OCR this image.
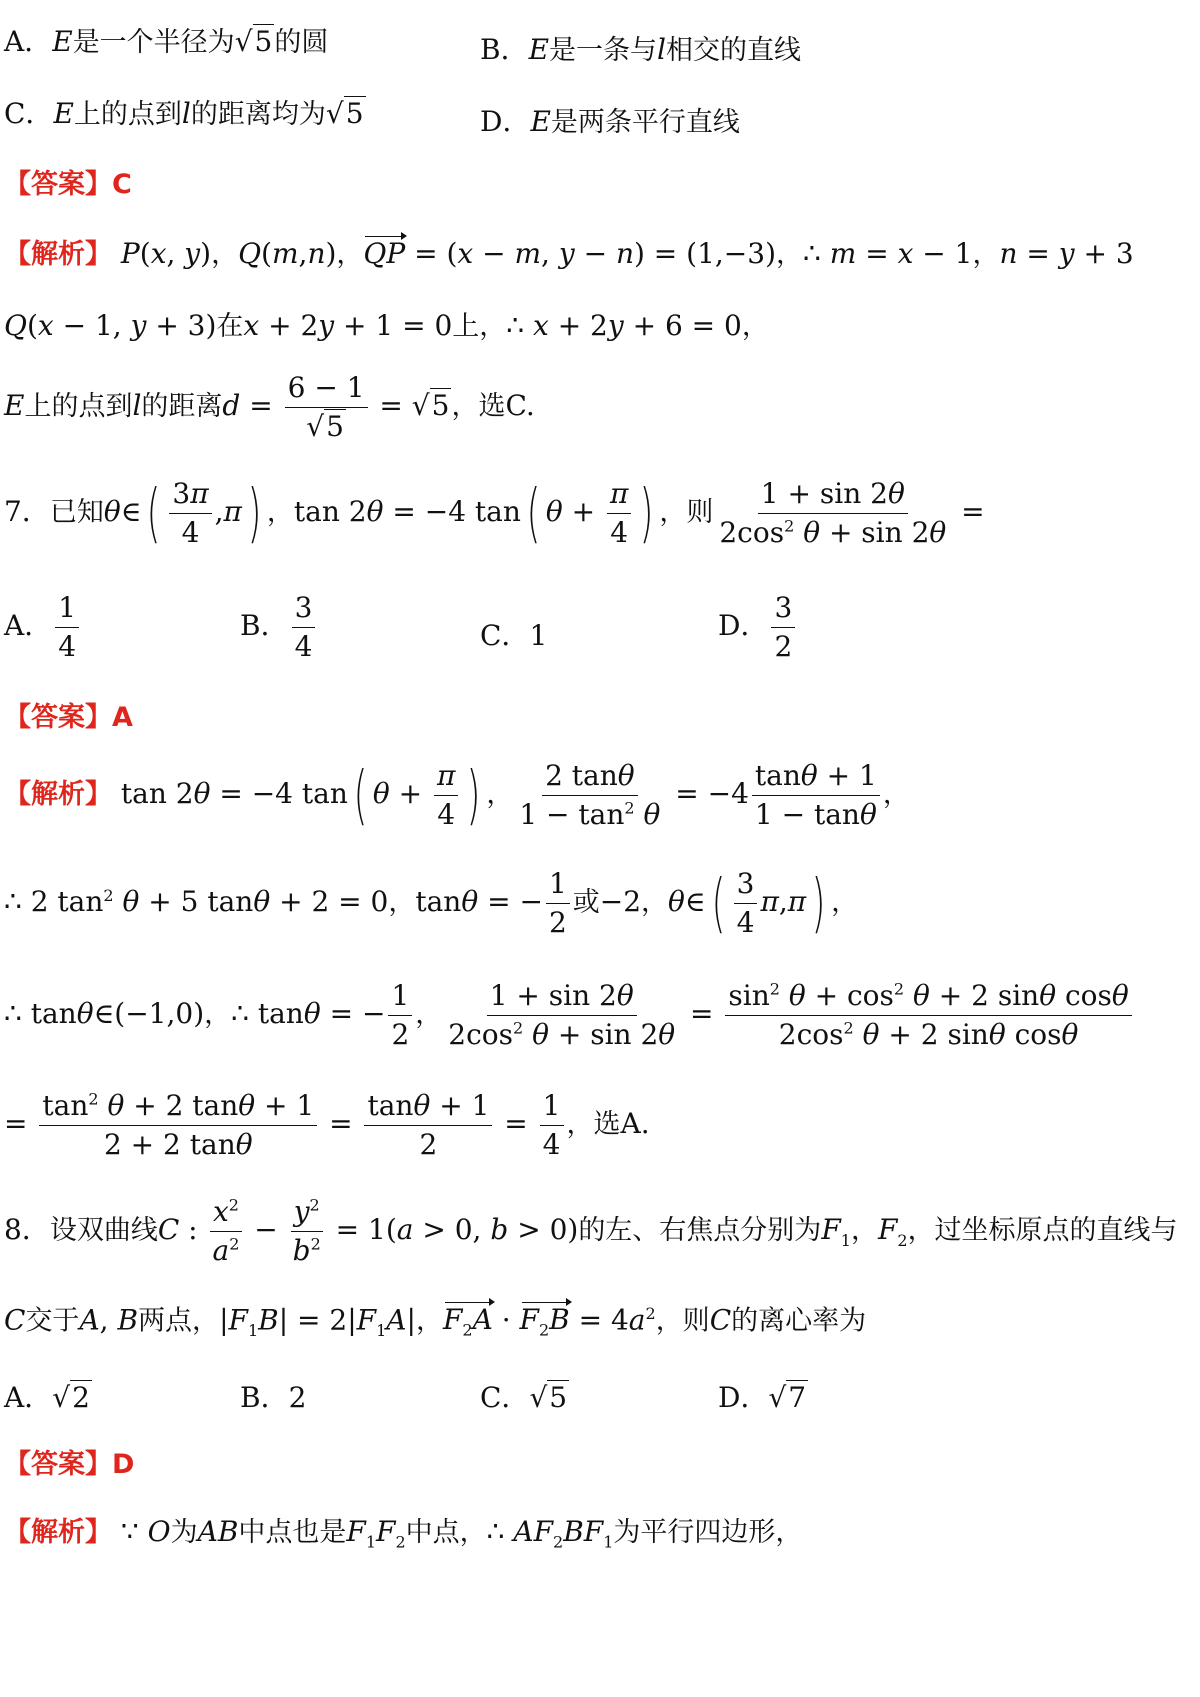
A．E是一个半径为√5的圆	B．E是一条与l相交的直线
C．E上的点到l的距离均为√5	D．E是两条平行直线
【答案】C
【解析】 P(x, y)，Q(m,n)，QP = (x − m, y − n) = (1,−3)，∴ m = x − 1，n = y + 3
Q(x − 1, y + 3)在x + 2y + 1 = 0上，∴ x + 2y + 6 = 0，
E上的点到l的距离$d = \frac{6 - 1}{√5} = √5$，选C.
7．已知θ∈( $\frac{3\pi}{4} ,\pi$) ，tan 2θ = −4 tan( $\theta + \frac{\pi}{4}$ ) ，则 $\frac{1 + \sin 2\theta}{2\cos^2 \theta + \sin 2\theta}$ =
A． $\frac{1}{4}$	B． $\frac{3}{4}$	C．1	D． $\frac{3}{2}$
【答案】A
【解析】 tan 2θ = −4 tan( $\theta + \frac{\pi}{4}$ ) ， $\frac{2 \tan\theta}{1 - \tan^2 \theta} = -4 \frac{\tan\theta + 1}{1 - \tan\theta}$ ，
∴ 2 $\tan^2 \theta + 5$ tanθ + 2 = 0，tanθ = − $\frac{1}{2}$ 或−2，θ∈( $\frac{3}{4} \pi,\pi$) ，
∴ tanθ∈(−1,0)，∴ tanθ = − $\frac{1}{2}$ ， $\frac{1 + \sin 2\theta}{2\cos^2 \theta + \sin 2\theta} = \frac{\sin^2 \theta + \cos^2 \theta + 2 \sin\theta \cos\theta}{2\cos^2 \theta + 2 \sin\theta \cos\theta}$
= $\frac{\tan^2 \theta + 2 \tan\theta + 1}{2 + 2 \tan\theta} = \frac{\tan\theta + 1}{2} = \frac{1}{4}$ ，选A.
8．设双曲线C : $\frac{x^2}{a^2} - \frac{y^2}{b^2} = 1(a > 0$, b > 0)的左、右焦点分别为$F_1$，$F_2$，过坐标原点的直线与
C交于A, B两点，$|F_1B| = 2|F_1A|$，$F_2A \cdot F_2B = 4a^2$，则C的离心率为
A．√2	B．2	C．√5	D．√7
【答案】D
【解析】 ∵ O为AB中点也是$F_1F_2$中点，∴ $AF_2BF_1$为平行四边形，
